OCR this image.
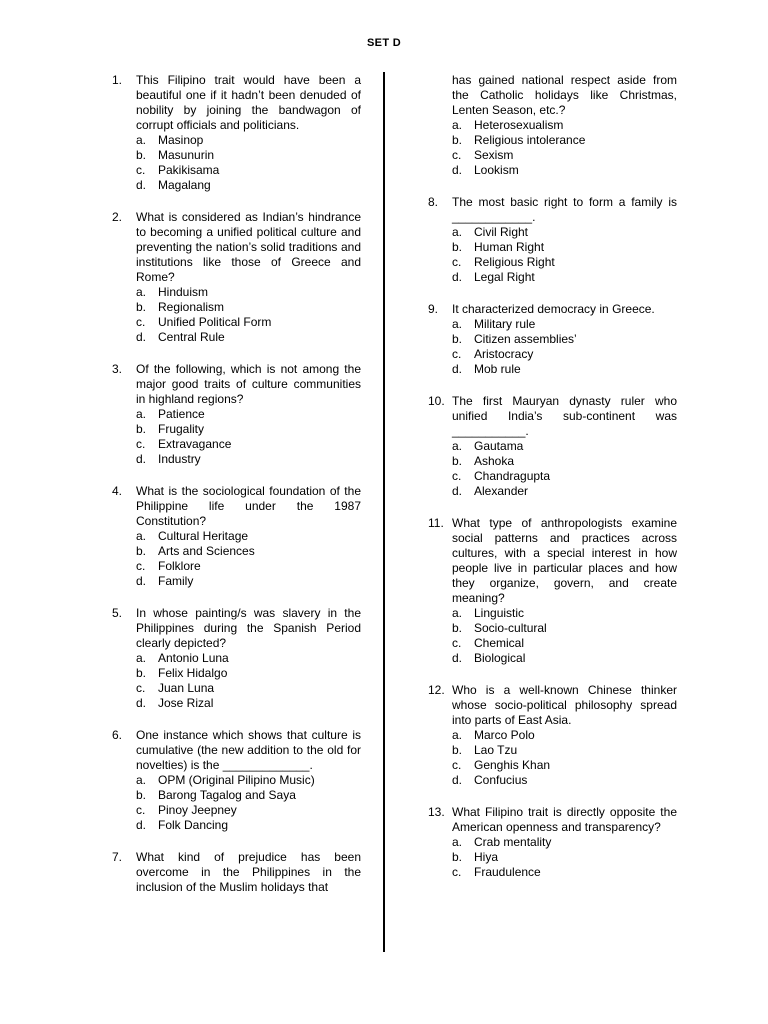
SET D
1. This Filipino trait would have been a beautiful one if it hadn’t been denuded of nobility by joining the bandwagon of corrupt officials and politicians.
a. Masinop
b. Masunurin
c.	Pakikisama
d. Magalang
2. What is considered as Indian’s hindrance to becoming a unified political culture and preventing the nation’s solid traditions and institutions like those of Greece and Rome?
a. Hinduism
b. Regionalism
c.	Unified Political Form
d. Central Rule
3. Of the following, which is not among the major good traits of culture communities in highland regions?
a. Patience
b. Frugality
c.	Extravagance
d. Industry
4. What is the sociological foundation of the Philippine life under the 1987 Constitution?
a. Cultural Heritage
b. Arts and Sciences
c.	Folklore
d. Family
5. In whose painting/s was slavery in the Philippines during the Spanish Period clearly depicted?
a. Antonio Luna
b. Felix Hidalgo
c.	Juan Luna
d. Jose Rizal
6. One instance which shows that culture is cumulative (the new addition to the old for novelties) is the _____________.
a. OPM (Original Pilipino Music)
b. Barong Tagalog and Saya
c.	Pinoy Jeepney
d. Folk Dancing
7. What kind of prejudice has been overcome in the Philippines in the inclusion of the Muslim holidays that
has gained national respect aside from the Catholic holidays like Christmas, Lenten Season, etc.?
a. Heterosexualism
b. Religious intolerance
c.	Sexism
d. Lookism
8. The most basic right to form a family is ____________.
a. Civil Right
b. Human Right
c.	Religious Right
d. Legal Right
9. It characterized democracy in Greece.
a. Military rule
b. Citizen assemblies’
c.	Aristocracy
d. Mob rule
10. The first Mauryan dynasty ruler who unified India’s sub-continent was ___________.
a. Gautama
b. Ashoka
c.	Chandragupta
d. Alexander
11. What type of anthropologists examine social patterns and practices across cultures, with a special interest in how people live in particular places and how they organize, govern, and create meaning?
a. Linguistic
b. Socio-cultural
c.	Chemical
d. Biological
12. Who is a well-known Chinese thinker whose socio-political philosophy spread into parts of East Asia.
a. Marco Polo
b. Lao Tzu
c.	Genghis Khan
d. Confucius
13. What Filipino trait is directly opposite the American openness and transparency?
a. Crab mentality
b. Hiya
c.	Fraudulence
